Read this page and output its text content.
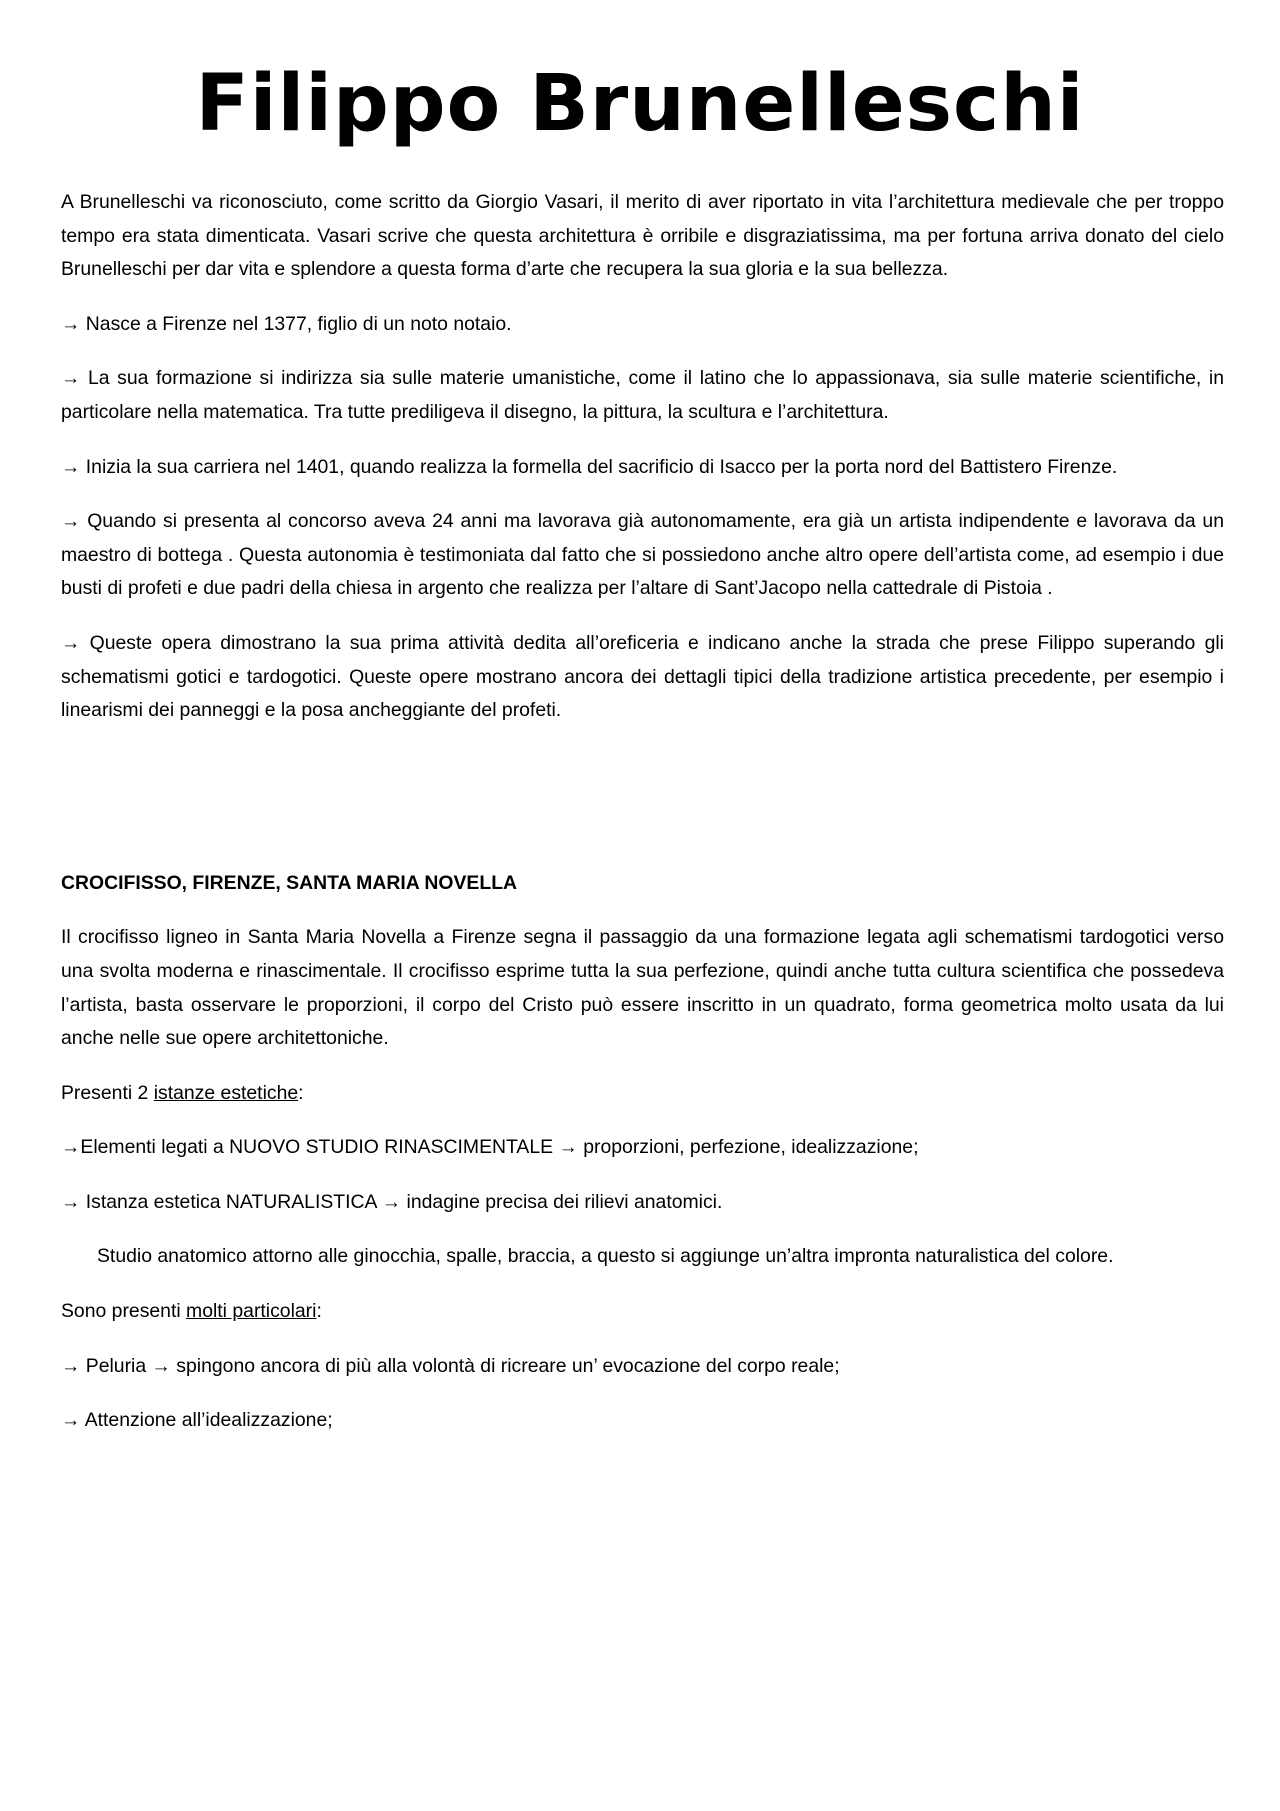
Filippo Brunelleschi

A Brunelleschi va riconosciuto, come scritto da Giorgio Vasari, il merito di aver riportato in vita l’architettura medievale che per troppo tempo era stata dimenticata. Vasari scrive che questa architettura è orribile e disgraziatissima, ma per fortuna arriva donato del cielo Brunelleschi per dar vita e splendore a questa forma d’arte che recupera la sua gloria e la sua bellezza.

→ Nasce a Firenze nel 1377, figlio di un noto notaio.

→ La sua formazione si indirizza sia sulle materie umanistiche, come il latino che lo appassionava, sia sulle materie scientifiche, in particolare nella matematica. Tra tutte prediligeva il disegno, la pittura, la scultura e l’architettura.

→ Inizia la sua carriera nel 1401, quando realizza la formella del sacrificio di Isacco per la porta nord del Battistero Firenze.

→ Quando si presenta al concorso aveva 24 anni ma lavorava già autonomamente, era già un artista indipendente e lavorava da un maestro di bottega . Questa autonomia è testimoniata dal fatto che si possiedono anche altro opere dell’artista come, ad esempio i due busti di profeti e due padri della chiesa in argento che realizza per l’altare di Sant’Jacopo nella cattedrale di Pistoia .

→ Queste opera dimostrano la sua prima attività dedita all’oreficeria e indicano anche la strada che prese Filippo superando gli schematismi gotici e tardogotici. Queste opere mostrano ancora dei dettagli tipici della tradizione artistica precedente, per esempio i linearismi dei panneggi e la posa ancheggiante del profeti.

CROCIFISSO, FIRENZE, SANTA MARIA NOVELLA

Il crocifisso ligneo in Santa Maria Novella a Firenze segna il passaggio da una formazione legata agli schematismi tardogotici verso una svolta moderna e rinascimentale. Il crocifisso esprime tutta la sua perfezione, quindi anche tutta cultura scientifica che possedeva l’artista, basta osservare le proporzioni, il corpo del Cristo può essere inscritto in un quadrato, forma geometrica molto usata da lui anche nelle sue opere architettoniche.

Presenti 2 istanze estetiche:

→Elementi legati a NUOVO STUDIO RINASCIMENTALE → proporzioni, perfezione, idealizzazione;

→ Istanza estetica NATURALISTICA → indagine precisa dei rilievi anatomici.

Studio anatomico attorno alle ginocchia, spalle, braccia, a questo si aggiunge un’altra impronta naturalistica del colore.

Sono presenti molti particolari:

→ Peluria → spingono ancora di più alla volontà di ricreare un’ evocazione del corpo reale;

→ Attenzione all’idealizzazione;
